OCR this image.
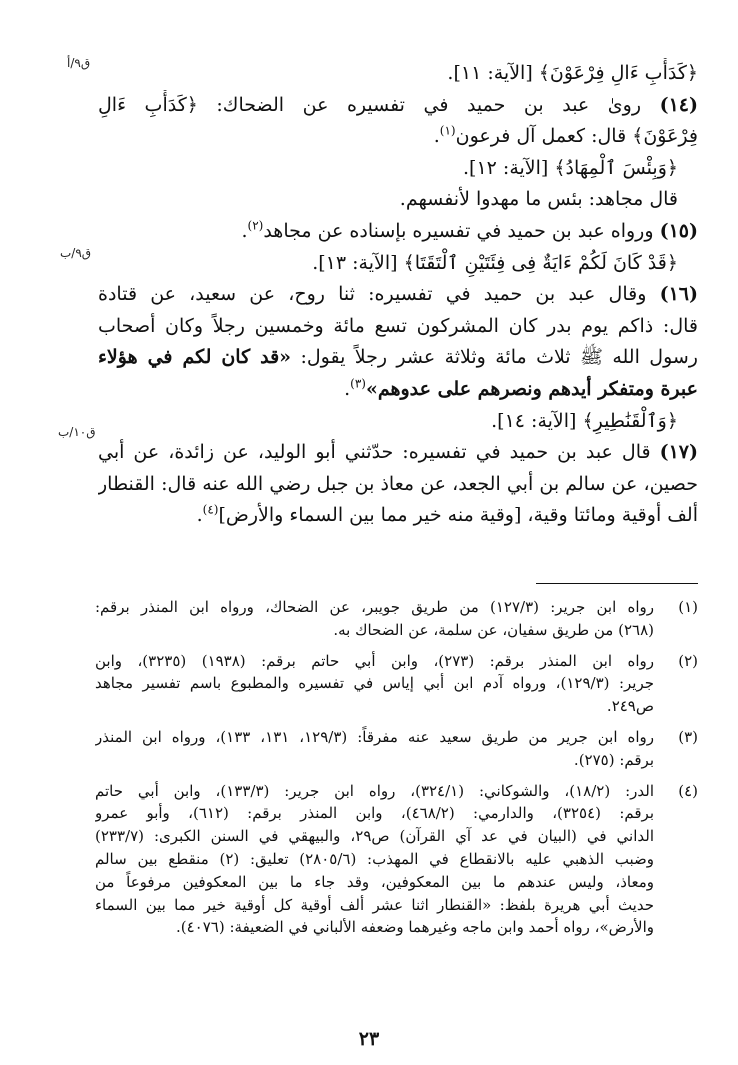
ق٩/أ
ق٩/ب
ق١٠/ب
﴿كَدَأْبِ ءَالِ فِرْعَوْنَ﴾ [الآية: ١١].
(١٤) رویٰ عبد بن حمید في تفسيره عن الضحاك: ﴿كَدَأْبِ ءَالِ
فِرْعَوْنَ﴾ قال: كعمل آل فرعون$^{(١)}$.
﴿وَبِئْسَ ٱلْمِهَادُ﴾ [الآية: ١٢].
قال مجاهد: بئس ما مهدوا لأنفسهم.
(١٥) ورواه عبد بن حميد في تفسيره بإسناده عن مجاهد$^{(٢)}$.
﴿قَدْ كَانَ لَكُمْ ءَايَةٌ فِى فِئَتَيْنِ ٱلْتَقَتَا﴾ [الآية: ١٣].
(١٦) وقال عبد بن حميد في تفسيره: ثنا روح، عن سعيد، عن قتادة
قال: ذاكم يوم بدر كان المشركون تسع مائة وخمسين رجلاً وكان أصحاب
رسول الله ﷺ ثلاث مائة وثلاثة عشر رجلاً يقول: «قد كان لكم في هؤلاء
عبرة ومتفكر أيدهم ونصرهم على عدوهم»$^{(٣)}$.
﴿وَٱلْقَنَٰطِيرِ﴾ [الآية: ١٤].
(١٧) قال عبد بن حميد في تفسيره: حدّثني أبو الوليد، عن زائدة، عن أبي
حصين، عن سالم بن أبي الجعد، عن معاذ بن جبل رضي الله عنه قال: القنطار
ألف أوقية ومائتا وقية، [وقية منه خير مما بين السماء والأرض]$^{(٤)}$.
(١)
رواه ابن جرير: (١٢٧/٣) من طريق جويبر، عن الضحاك، ورواه ابن المنذر برقم:
(٢٦٨) من طريق سفيان، عن سلمة، عن الضحاك به.
(٢)
رواه ابن المنذر برقم: (٢٧٣)، وابن أبي حاتم برقم: (١٩٣٨) (٣٢٣٥)، وابن
جرير: (١٢٩/٣)، ورواه آدم ابن أبي إياس في تفسيره والمطبوع باسم تفسير مجاهد
ص٢٤٩.
(٣)
رواه ابن جرير من طريق سعيد عنه مفرقاً: (١٢٩/٣، ١٣١، ١٣٣)، ورواه ابن المنذر
برقم: (٢٧٥).
(٤)
الدر: (١٨/٢)، والشوكاني: (٣٢٤/١)، رواه ابن جرير: (١٣٣/٣)، وابن أبي حاتم
برقم: (٣٢٥٤)، والدارمي: (٤٦٨/٢)، وابن المنذر برقم: (٦١٢)، وأبو عمرو
الداني في (البيان في عد آي القرآن) ص٢٩، والبيهقي في السنن الكبرى: (٢٣٣/٧)
وضبب الذهبي عليه بالانقطاع في المهذب: (٢٨٠٥/٦) تعليق: (٢) منقطع بين سالم
ومعاذ، وليس عندهم ما بين المعكوفين، وقد جاء ما بين المعكوفين مرفوعاً من
حديث أبي هريرة بلفظ: «القنطار اثنا عشر ألف أوقية كل أوقية خير مما بين السماء
والأرض»، رواه أحمد وابن ماجه وغيرهما وضعفه الألباني في الضعيفة: (٤٠٧٦).
٢٣
